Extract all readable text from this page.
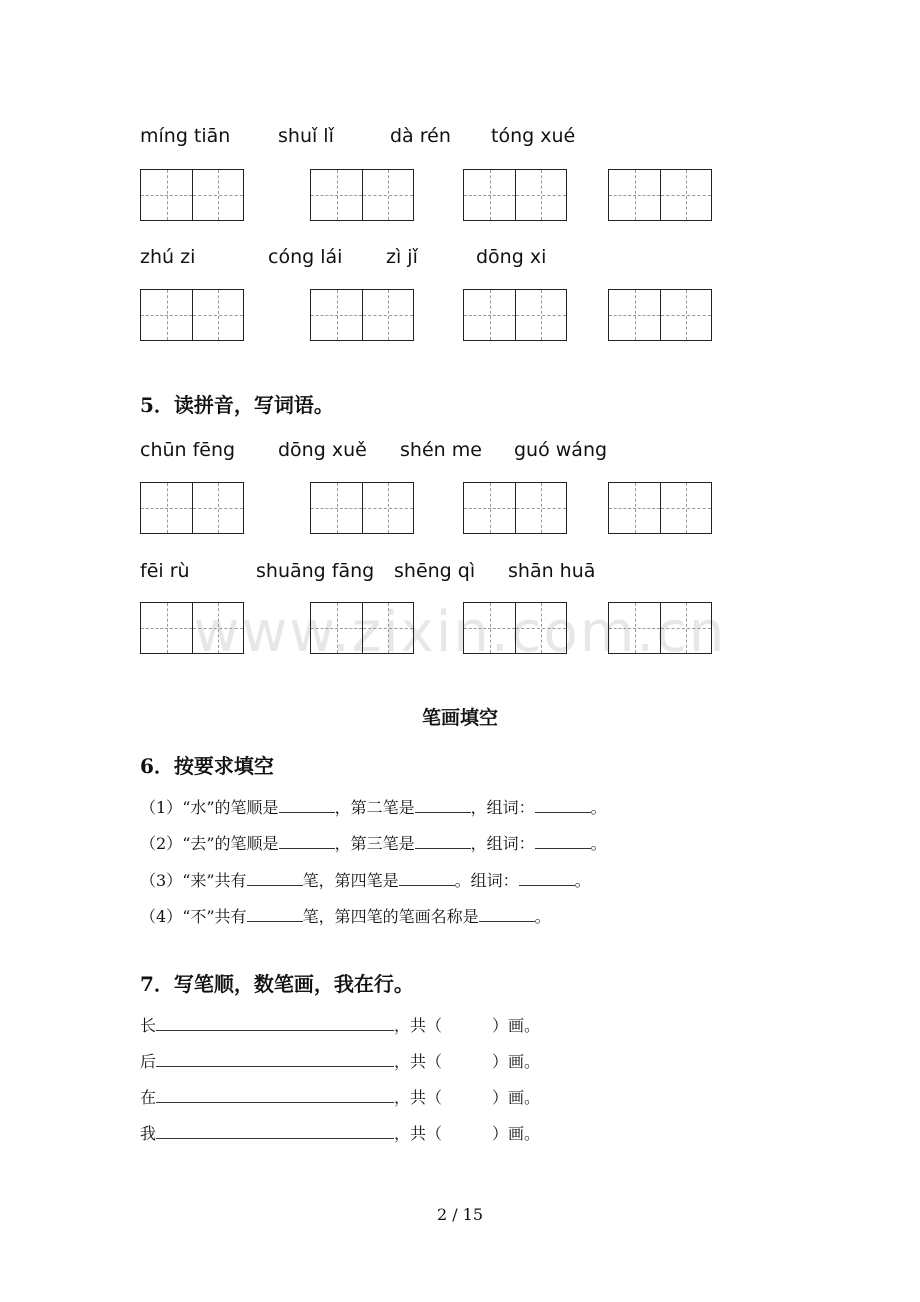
www.zixin.com.cn
míng tiān	shuǐ lǐ	dà rén tóng xué
zhú zi	cóng lái zì jǐ	dōng xi
5．读拼音，写词语。
chūn fēng dōng xuě shén me guó wáng
fēi rù	shuāng fāng shēng qì shān huā
笔画填空
6．按要求填空
（1）“水”的笔顺是	，第二笔是	，组词：	。
（2）“去”的笔顺是	，第三笔是	，组词：	。
（3）“来”共有	笔，第四笔是	。组词：	。
（4）“不”共有	笔，第四笔的笔画名称是	。
7．写笔顺，数笔画，我在行。
长	，共（	）画。
后	，共（	）画。
在	，共（	）画。
我	，共（	）画。
2 / 15
